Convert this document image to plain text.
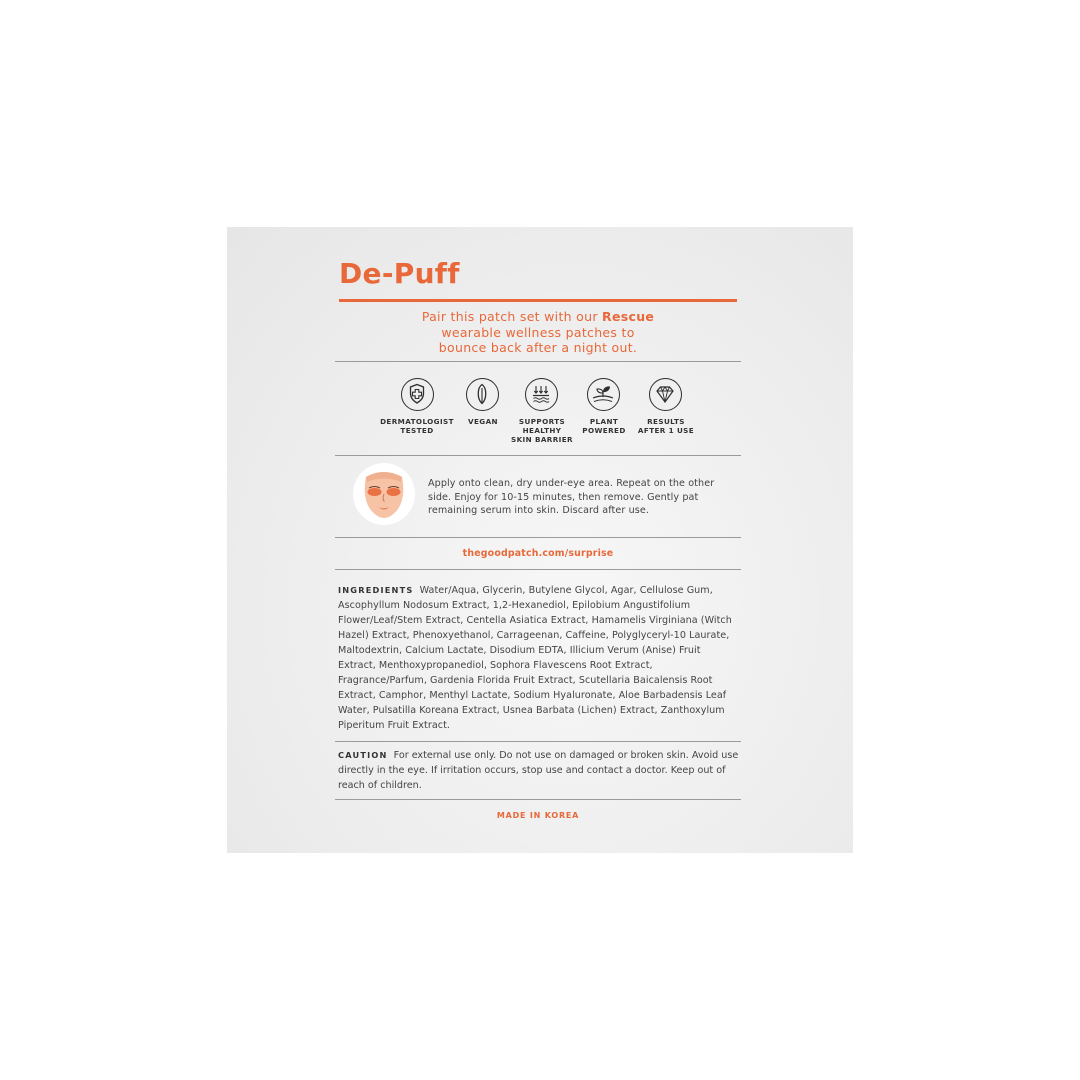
De-Puff
Pair this patch set with our Rescue
wearable wellness patches to
bounce back after a night out.
DERMATOLOGIST
TESTED
VEGAN	SUPPORTS
HEALTHY
SKIN BARRIER
PLANT
POWERED
RESULTS
AFTER 1 USE
Apply onto clean, dry under-eye area. Repeat on the other side. Enjoy for 10-15 minutes, then remove. Gently pat remaining serum into skin. Discard after use.
thegoodpatch.com/surprise
INGREDIENTS Water/Aqua, Glycerin, Butylene Glycol, Agar, Cellulose Gum, Ascophyllum Nodosum Extract, 1,2-Hexanediol, Epilobium Angustifolium Flower/Leaf/Stem Extract, Centella Asiatica Extract, Hamamelis Virginiana (Witch Hazel) Extract, Phenoxyethanol, Carrageenan, Caffeine, Polyglyceryl-10 Laurate, Maltodextrin, Calcium Lactate, Disodium EDTA, Illicium Verum (Anise) Fruit Extract, Menthoxypropanediol, Sophora Flavescens Root Extract, Fragrance/Parfum, Gardenia Florida Fruit Extract, Scutellaria Baicalensis Root Extract, Camphor, Menthyl Lactate, Sodium Hyaluronate, Aloe Barbadensis Leaf Water, Pulsatilla Koreana Extract, Usnea Barbata (Lichen) Extract, Zanthoxylum Piperitum Fruit Extract.
CAUTION For external use only. Do not use on damaged or broken skin. Avoid use directly in the eye. If irritation occurs, stop use and contact a doctor. Keep out of reach of children.
MADE IN KOREA
